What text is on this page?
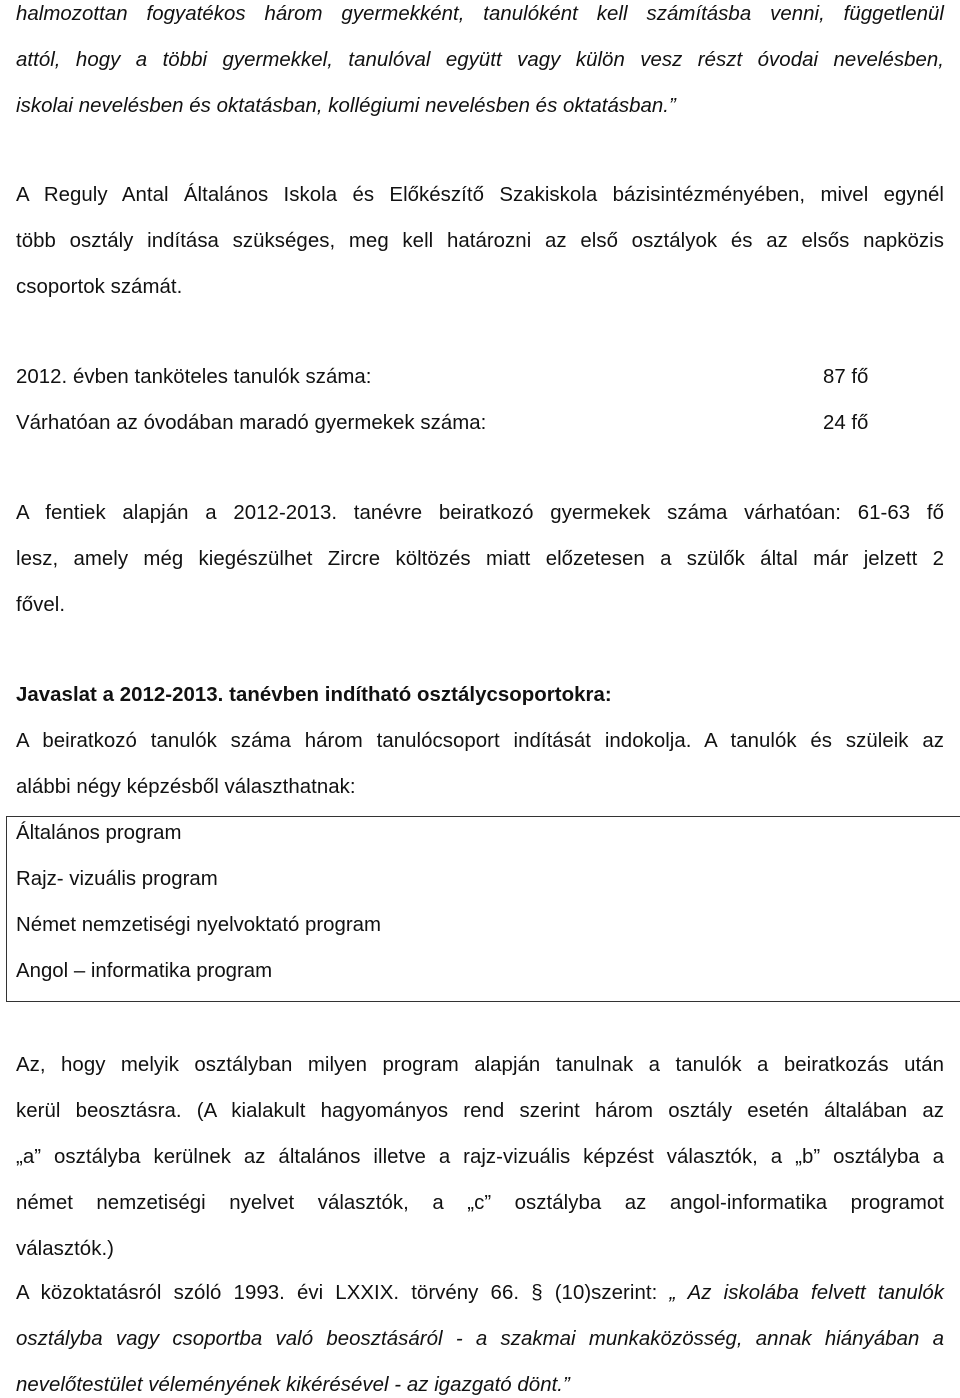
halmozottan fogyatékos három gyermekként, tanulóként kell számításba venni, függetlenül
attól, hogy a többi gyermekkel, tanulóval együtt vagy külön vesz részt óvodai nevelésben,
iskolai nevelésben és oktatásban, kollégiumi nevelésben és oktatásban.”
A Reguly Antal Általános Iskola és Előkészítő Szakiskola bázisintézményében, mivel egynél
több osztály indítása szükséges, meg kell határozni az első osztályok és az elsős napközis
csoportok számát.
2012. évben tanköteles tanulók száma:	87 fő
Várhatóan az óvodában maradó gyermekek száma:	24 fő
A fentiek alapján a 2012-2013. tanévre beiratkozó gyermekek száma várhatóan: 61-63 fő
lesz, amely még kiegészülhet Zircre költözés miatt előzetesen a szülők által már jelzett 2
fővel.
Javaslat a 2012-2013. tanévben indítható osztálycsoportokra:
A beiratkozó tanulók száma három tanulócsoport indítását indokolja. A tanulók és szüleik az
alábbi négy képzésből választhatnak:
Általános program
Rajz- vizuális program
Német nemzetiségi nyelvoktató program
Angol – informatika program
Az, hogy melyik osztályban milyen program alapján tanulnak a tanulók a beiratkozás után
kerül beosztásra. (A kialakult hagyományos rend szerint három osztály esetén általában az
„a” osztályba kerülnek az általános illetve a rajz-vizuális képzést választók, a „b” osztályba a
német nemzetiségi nyelvet választók, a „c” osztályba az angol-informatika programot
választók.)
A közoktatásról szóló 1993. évi LXXIX. törvény 66. § (10)szerint: „ Az iskolába felvett tanulók
osztályba vagy csoportba való beosztásáról - a szakmai munkaközösség, annak hiányában a
nevelőtestület véleményének kikérésével - az igazgató dönt.”
